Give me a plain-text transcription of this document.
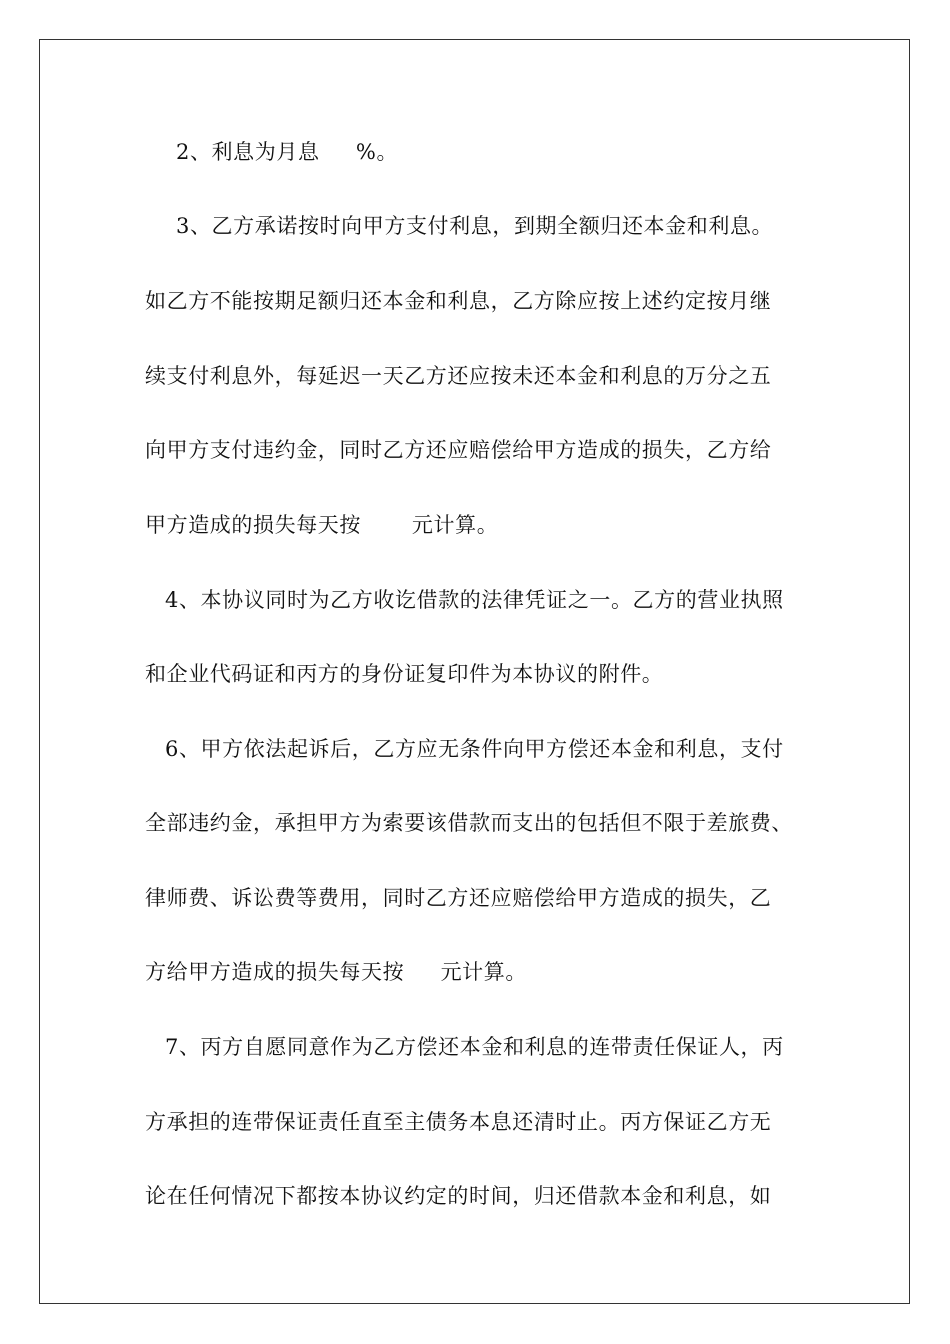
2、利息为月息     %。
3、乙方承诺按时向甲方支付利息，到期全额归还本金和利息。
如乙方不能按期足额归还本金和利息，乙方除应按上述约定按月继
续支付利息外，每延迟一天乙方还应按未还本金和利息的万分之五
向甲方支付违约金，同时乙方还应赔偿给甲方造成的损失，乙方给
甲方造成的损失每天按       元计算。
4、本协议同时为乙方收讫借款的法律凭证之一。乙方的营业执照
和企业代码证和丙方的身份证复印件为本协议的附件。
6、甲方依法起诉后，乙方应无条件向甲方偿还本金和利息，支付
全部违约金，承担甲方为索要该借款而支出的包括但不限于差旅费、
律师费、诉讼费等费用，同时乙方还应赔偿给甲方造成的损失，乙
方给甲方造成的损失每天按     元计算。
7、丙方自愿同意作为乙方偿还本金和利息的连带责任保证人，丙
方承担的连带保证责任直至主债务本息还清时止。丙方保证乙方无
论在任何情况下都按本协议约定的时间，归还借款本金和利息，如
